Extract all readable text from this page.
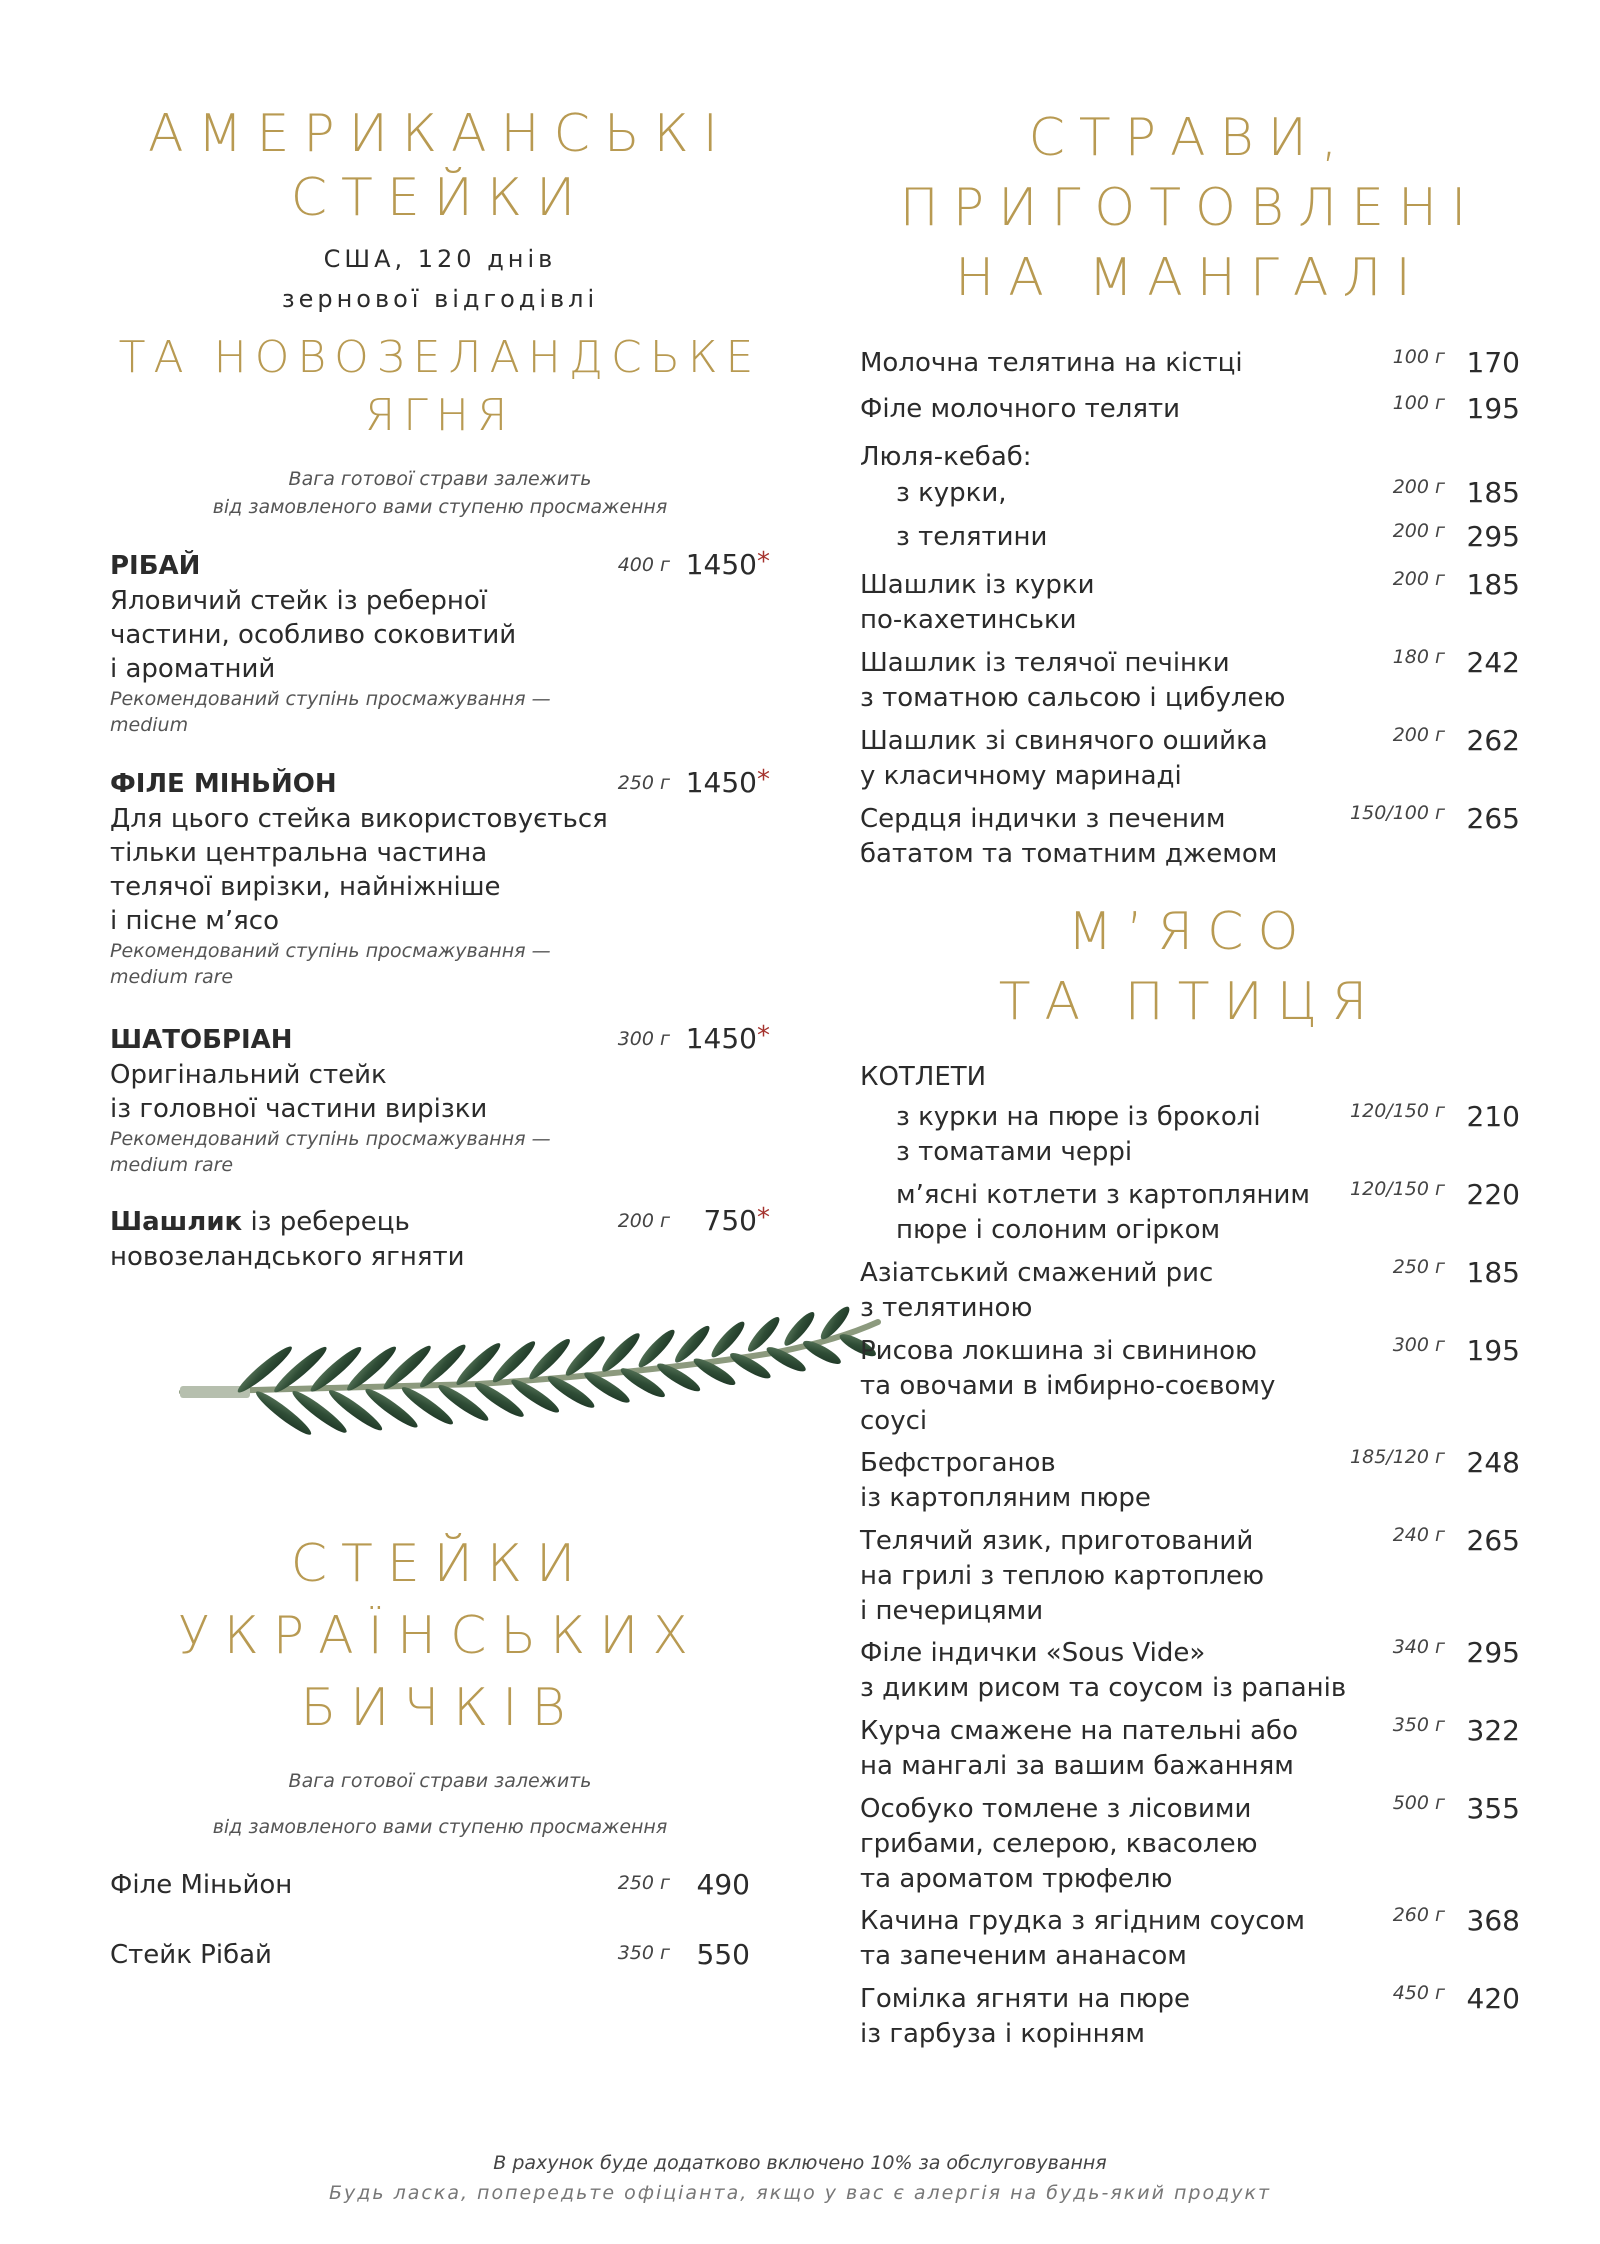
АМЕРИКАНСЬКІ
СТЕЙКИ
США, 120 днів
зернової відгодівлі
ТА НОВОЗЕЛАНДСЬКЕ
ЯГНЯ
Вага готової страви залежить
від замовленого вами ступеню просмаження
РІБАЙ
Яловичий стейк із реберної
частини, особливо соковитий
і ароматний
Рекомендований ступінь просмажування —
medium
400 г 1450*
ФІЛЕ МІНЬЙОН
Для цього стейка використовується
тільки центральна частина
телячої вирізки, найніжніше
і пісне м’ясо
Рекомендований ступінь просмажування —
medium rare
250 г 1450*
ШАТОБРІАН
Оригінальний стейк
із головної частини вирізки
Рекомендований ступінь просмажування —
medium rare
300 г 1450*
Шашлик із реберець
новозеландського ягняти
200 г 750*
СТЕЙКИ
УКРАЇНСЬКИХ
БИЧКІВ
Вага готової страви залежить
від замовленого вами ступеню просмаження
Філе Міньйон	250 г 490
Стейк Рібай	350 г 550
СТРАВИ,
ПРИГОТОВЛЕНІ
НА МАНГАЛІ
Молочна телятина на кістці	100 г 170
Філе молочного теляти	100 г 195
Люля-кебаб:
з курки,	200 г 185
з телятини	200 г 295
Шашлик із курки
по-кахетинськи
200 г 185
Шашлик із телячої печінки
з томатною сальсою і цибулею
180 г 242
Шашлик зі свинячого ошийка
у класичному маринаді
200 г 262
Сердця індички з печеним
бататом та томатним джемом
150/100 г 265
М’ЯСО
ТА ПТИЦЯ
КОТЛЕТИ
з курки на пюре із броколі
з томатами черрі
120/150 г 210
м’ясні котлети з картопляним
пюре і солоним огірком
120/150 г 220
Азіатський смажений рис
з телятиною
250 г 185
Рисова локшина зі свининою
та овочами в імбирно-соєвому
соусі
300 г 195
Бефстроганов
із картопляним пюре
185/120 г 248
Телячий язик, приготований
на грилі з теплою картоплею
і печерицями
240 г 265
Філе індички «Sous Vide»
з диким рисом та соусом із рапанів
340 г 295
Курча смажене на пательні або
на мангалі за вашим бажанням
350 г 322
Особуко томлене з лісовими
грибами, селерою, квасолею
та ароматом трюфелю
500 г 355
Качина грудка з ягідним соусом
та запеченим ананасом
260 г 368
Гомілка ягняти на пюре
із гарбуза і корінням
450 г 420
В рахунок буде додатково включено 10% за обслуговування
Будь ласка, попередьте офіціанта, якщо у вас є алергія на будь-який продукт
